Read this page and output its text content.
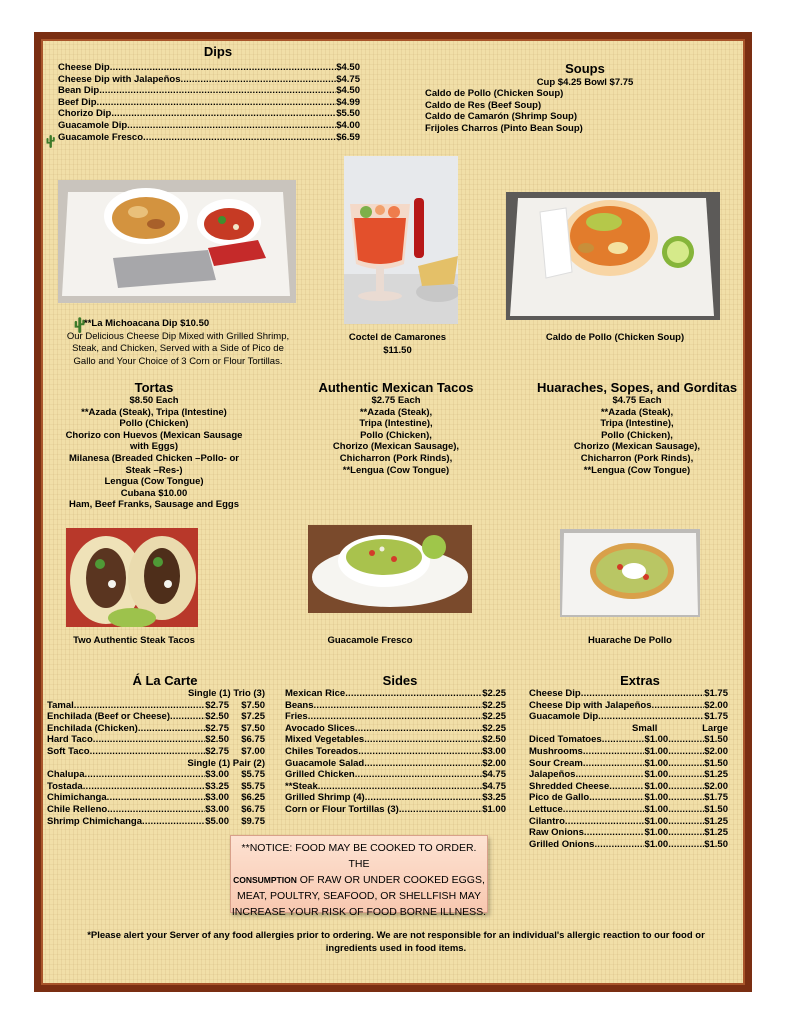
Dips
Cheese Dip .....	$4.50
Cheese Dip with Jalapeños .....	$4.75
Bean Dip .....	$4.50
Beef Dip .....	$4.99
Chorizo Dip .....	$5.50
Guacamole Dip .....	$4.00
Guacamole Fresco .....	$6.59

Soups
Cup $4.25 Bowl $7.75
Caldo de Pollo (Chicken Soup)
Caldo de Res (Beef Soup)
Caldo de Camarón (Shrimp Soup)
Frijoles Charros (Pinto Bean Soup)
**La Michoacana Dip $10.50
Our Delicious Cheese Dip Mixed with Grilled Shrimp,
Steak, and Chicken, Served with a Side of Pico de
Gallo and Your Choice of 3 Corn or Flour Tortillas.
Coctel de Camarones
$11.50
Caldo de Pollo (Chicken Soup)
Tortas
$8.50 Each
**Azada (Steak), Tripa (Intestine)
Pollo (Chicken)
Chorizo con Huevos (Mexican Sausage
with Eggs)
Milanesa (Breaded Chicken –Pollo- or
Steak –Res-)
Lengua (Cow Tongue)
Cubana $10.00
Ham, Beef Franks, Sausage and Eggs
Authentic Mexican Tacos
$2.75 Each
**Azada (Steak),
Tripa (Intestine),
Pollo (Chicken),
Chorizo (Mexican Sausage),
Chicharron (Pork Rinds),
**Lengua (Cow Tongue)
Huaraches, Sopes, and Gorditas
$4.75 Each
**Azada (Steak),
Tripa (Intestine),
Pollo (Chicken),
Chorizo (Mexican Sausage),
Chicharron (Pork Rinds),
**Lengua (Cow Tongue)
Two Authentic Steak Tacos	Guacamole Fresco	Huarache De Pollo
Á La Carte
Single (1) Trio (3)
Tamal .....	$2.75	$7.50
Enchilada (Beef or Cheese) .....	$2.50	$7.25
Enchilada (Chicken) .....	$2.75	$7.50
Hard Taco .....	$2.50	$6.75
Soft Taco .....	$2.75	$7.00
Single (1) Pair (2)
Chalupa .....	$3.00	$5.75
Tostada .....	$3.25	$5.75
Chimichanga .....	$3.00	$6.25
Chile Relleno .....	$3.00	$6.75
Shrimp Chimichanga .....	$5.00	$9.75
Sides
Mexican Rice .....	$2.25
Beans .....	$2.25
Fries .....	$2.25
Avocado Slices .....	$2.25
Mixed Vegetables .....	$2.50
Chiles Toreados .....	$3.00
Guacamole Salad .....	$2.00
Grilled Chicken .....	$4.75
**Steak .....	$4.75
Grilled Shrimp (4) .....	$3.25
Corn or Flour Tortillas (3) .....	$1.00
Extras
Cheese Dip .....	$1.75
Cheese Dip with Jalapeños .....	$2.00
Guacamole Dip .....	$1.75
Small	Large
Diced Tomatoes .....	$1.00 .....	$1.50
Mushrooms .....	$1.00 .....	$2.00
Sour Cream .....	$1.00 .....	$1.50
Jalapeños .....	$1.00 .....	$1.25
Shredded Cheese .....	$1.00 .....	$2.00
Pico de Gallo .....	$1.00 .....	$1.75
Lettuce .....	$1.00 .....	$1.50
Cilantro .....	$1.00 .....	$1.25
Raw Onions .....	$1.00 .....	$1.25
Grilled Onions .....	$1.00 .....	$1.50
**NOTICE: FOOD MAY BE COOKED TO ORDER. THE
CONSUMPTION OF RAW OR UNDER COOKED EGGS,
MEAT, POULTRY, SEAFOOD, OR SHELLFISH MAY
INCREASE YOUR RISK OF FOOD BORNE ILLNESS.
*Please alert your Server of any food allergies prior to ordering. We are not responsible for an individual's allergic reaction to our food or
ingredients used in food items.
